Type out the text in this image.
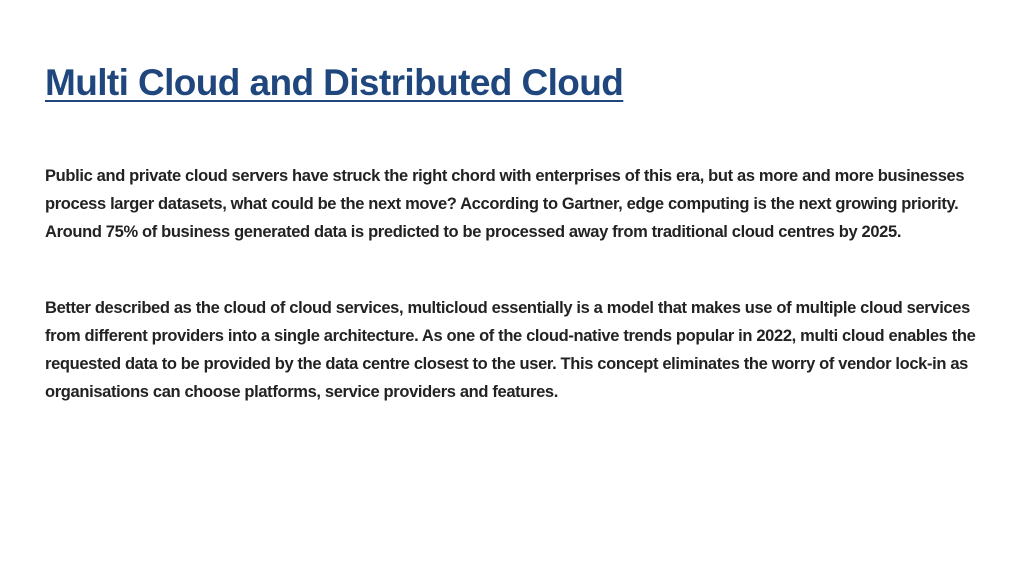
Multi Cloud and Distributed Cloud

Public and private cloud servers have struck the right chord with enterprises of this era, but as more and more businesses process larger datasets, what could be the next move? According to Gartner, edge computing is the next growing priority. Around 75% of business generated data is predicted to be processed away from traditional cloud centres by 2025.

Better described as the cloud of cloud services, multicloud essentially is a model that makes use of multiple cloud services from different providers into a single architecture. As one of the cloud-native trends popular in 2022, multi cloud enables the requested data to be provided by the data centre closest to the user. This concept eliminates the worry of vendor lock-in as organisations can choose platforms, service providers and features.
